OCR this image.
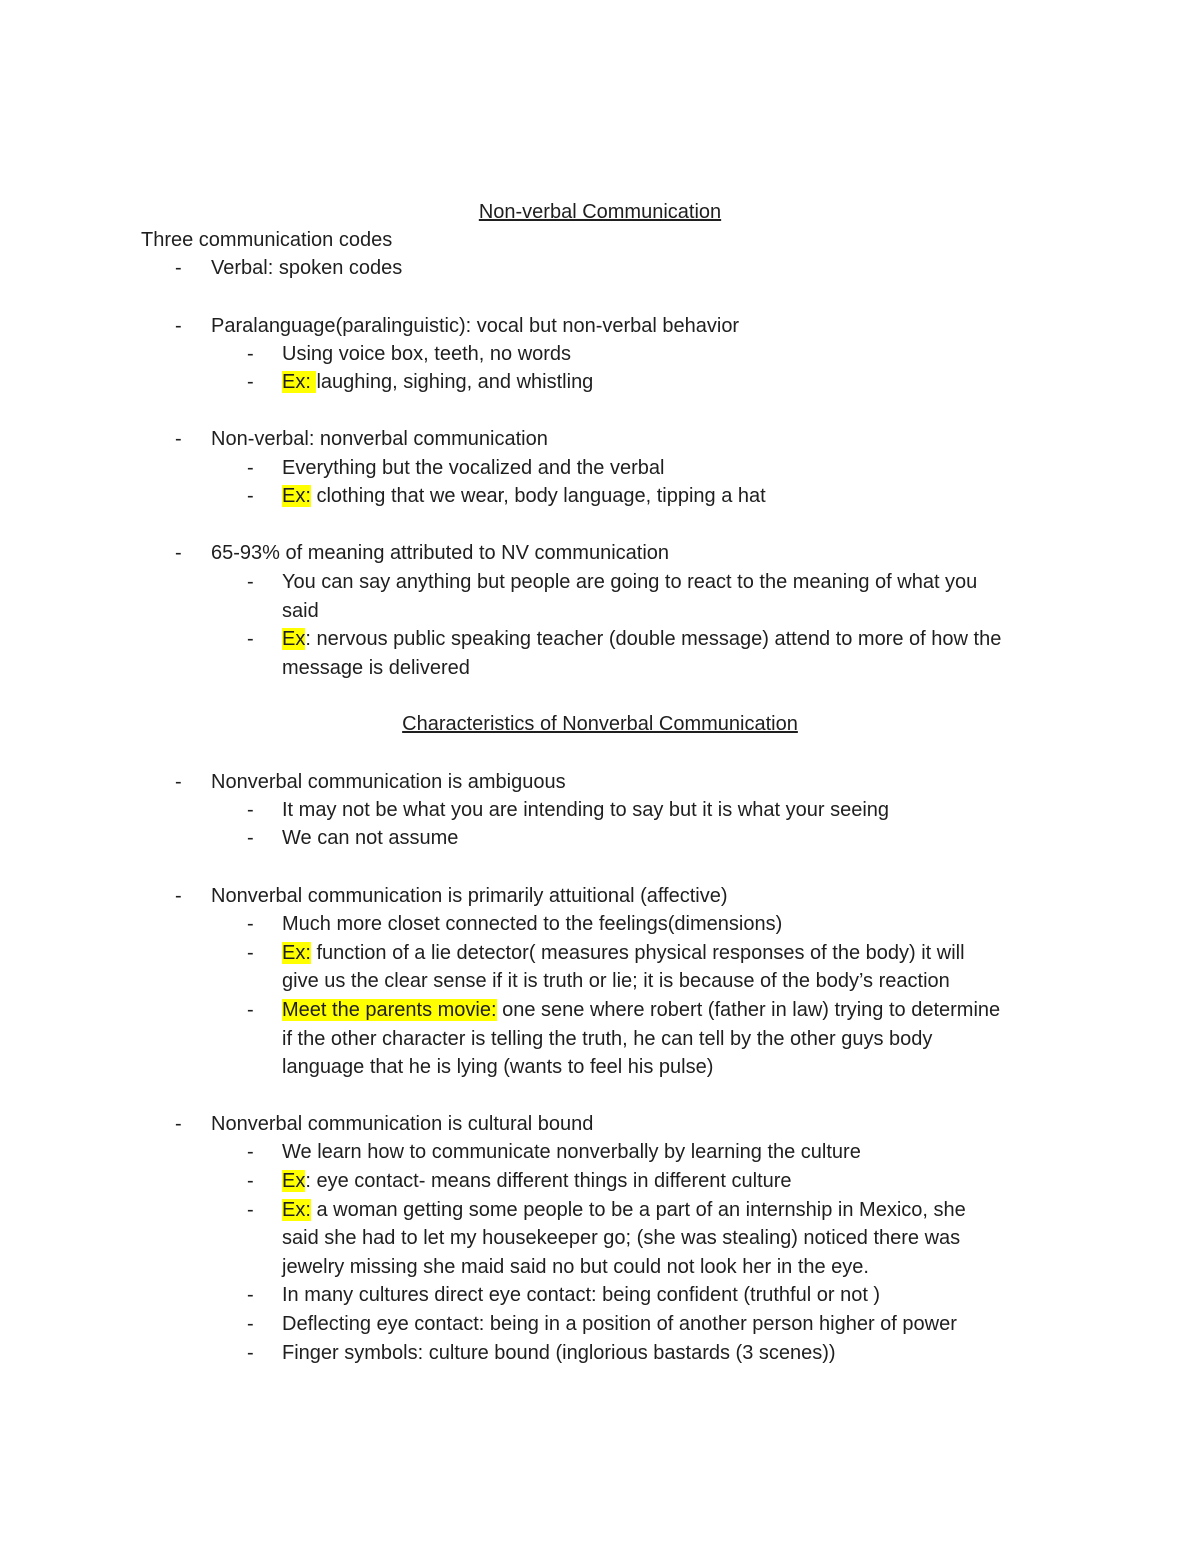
Non-verbal Communication
Three communication codes
- Verbal: spoken codes
- Paralanguage(paralinguistic): vocal but non-verbal behavior
- Using voice box, teeth, no words
- Ex: laughing, sighing, and whistling
- Non-verbal: nonverbal communication
- Everything but the vocalized and the verbal
- Ex: clothing that we wear, body language, tipping a hat
- 65-93% of meaning attributed to NV communication
- You can say anything but people are going to react to the meaning of what you
said
- Ex: nervous public speaking teacher (double message) attend to more of how the
message is delivered
Characteristics of Nonverbal Communication
- Nonverbal communication is ambiguous
- It may not be what you are intending to say but it is what your seeing
- We can not assume
- Nonverbal communication is primarily attuitional (affective)
- Much more closet connected to the feelings(dimensions)
- Ex: function of a lie detector( measures physical responses of the body) it will
give us the clear sense if it is truth or lie; it is because of the body’s reaction
- Meet the parents movie: one sene where robert (father in law) trying to determine
if the other character is telling the truth, he can tell by the other guys body
language that he is lying (wants to feel his pulse)
- Nonverbal communication is cultural bound
- We learn how to communicate nonverbally by learning the culture
- Ex: eye contact- means different things in different culture
- Ex: a woman getting some people to be a part of an internship in Mexico, she
said she had to let my housekeeper go; (she was stealing) noticed there was
jewelry missing she maid said no but could not look her in the eye.
- In many cultures direct eye contact: being confident (truthful or not )
- Deflecting eye contact: being in a position of another person higher of power
- Finger symbols: culture bound (inglorious bastards (3 scenes))
